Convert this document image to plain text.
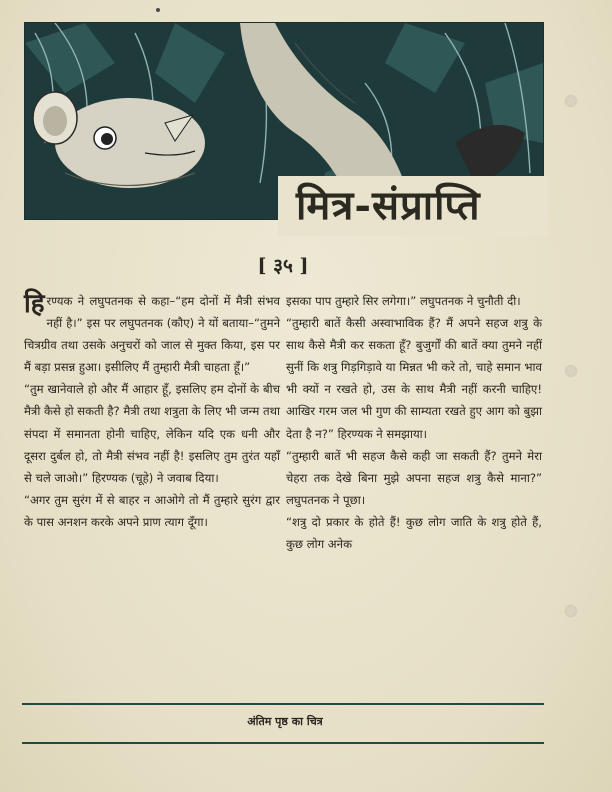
मित्र-संप्राप्ति
[ ३५ ]

हिरण्यक ने लघुपतनक से कहा–“हम दोनों में मैत्री संभव नहीं है।” इस पर लघुपतनक (कौए) ने यों बताया–“तुमने चित्रग्रीव तथा उसके अनुचरों को जाल से मुक्त किया, इस पर मैं बड़ा प्रसन्न हुआ। इसीलिए मैं तुम्हारी मैत्री चाहता हूँ।”

“तुम खानेवाले हो और मैं आहार हूँ, इसलिए हम दोनों के बीच मैत्री कैसे हो सकती है? मैत्री तथा शत्रुता के लिए भी जन्म तथा संपदा में समानता होनी चाहिए, लेकिन यदि एक धनी और दूसरा दुर्बल हो, तो मैत्री संभव नहीं है! इसलिए तुम तुरंत यहाँ से चले जाओ।” हिरण्यक (चूहे) ने जवाब दिया।

“अगर तुम सुरंग में से बाहर न आओगे तो मैं तुम्हारे सुरंग द्वार के पास अनशन करके अपने प्राण त्याग दूँगा।

इसका पाप तुम्हारे सिर लगेगा।” लघुपतनक ने चुनौती दी।

“तुम्हारी बातें कैसी अस्वाभाविक हैं? मैं अपने सहज शत्रु के साथ कैसे मैत्री कर सकता हूँ? बुजुर्गों की बातें क्या तुमने नहीं सुनीं कि शत्रु गिड़गिड़ावे या मिन्नत भी करे तो, चाहे समान भाव भी क्यों न रखते हो, उस के साथ मैत्री नहीं करनी चाहिए! आखिर गरम जल भी गुण की साम्यता रखते हुए आग को बुझा देता है न?” हिरण्यक ने समझाया।

“तुम्हारी बातें भी सहज कैसे कही जा सकती हैं? तुमने मेरा चेहरा तक देखे बिना मुझे अपना सहज शत्रु कैसे माना?” लघुपतनक ने पूछा।

“शत्रु दो प्रकार के होते हैं! कुछ लोग जाति के शत्रु होते हैं, कुछ लोग अनेक

अंतिम पृष्ठ का चित्र
